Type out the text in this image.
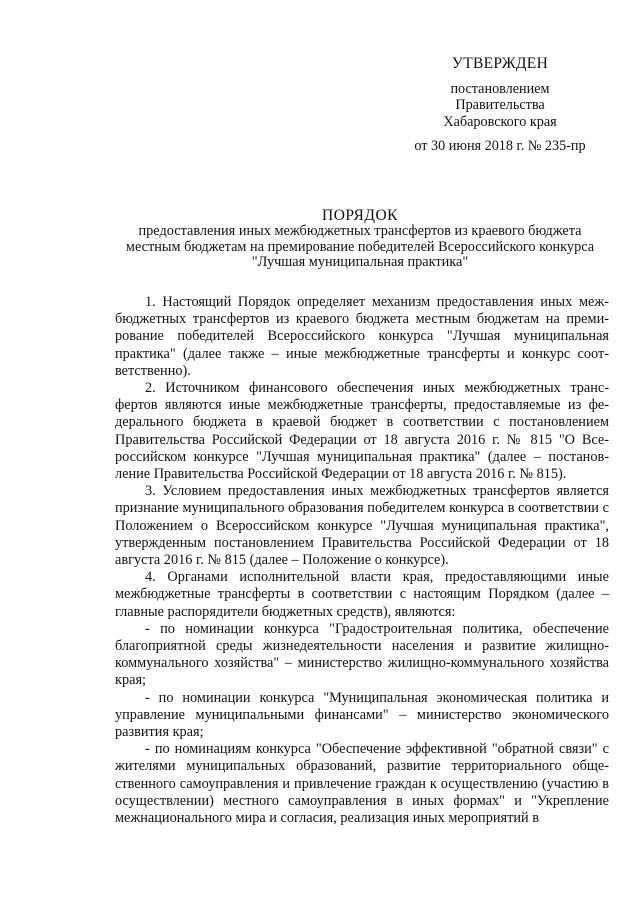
УТВЕРЖДЕН
постановлением
Правительства
Хабаровского края
от 30 июня 2018 г. № 235-пр
ПОРЯДОК
предоставления иных межбюджетных трансфертов из краевого бюджета
местным бюджетам на премирование победителей Всероссийского конкурса
"Лучшая муниципальная практика"

1. Настоящий Порядок определяет механизм предоставления иных межбюджетных трансфертов из краевого бюджета местным бюджетам на премирование победителей Всероссийского конкурса "Лучшая муниципальная практика" (далее также – иные межбюджетные трансферты и конкурс соответственно).

2. Источником финансового обеспечения иных межбюджетных трансфертов являются иные межбюджетные трансферты, предоставляемые из федерального бюджета в краевой бюджет в соответствии с постановлением Правительства Российской Федерации от 18 августа 2016 г. № 815 "О Всероссийском конкурсе "Лучшая муниципальная практика" (далее – постановление Правительства Российской Федерации от 18 августа 2016 г. № 815).

3. Условием предоставления иных межбюджетных трансфертов является признание муниципального образования победителем конкурса в соответствии с Положением о Всероссийском конкурсе "Лучшая муниципальная практика", утвержденным постановлением Правительства Российской Федерации от 18 августа 2016 г. № 815 (далее – Положение о конкурсе).

4. Органами исполнительной власти края, предоставляющими иные межбюджетные трансферты в соответствии с настоящим Порядком (далее – главные распорядители бюджетных средств), являются:

- по номинации конкурса "Градостроительная политика, обеспечение благоприятной среды жизнедеятельности населения и развитие жилищно-коммунального хозяйства" – министерство жилищно-коммунального хозяйства края;

- по номинации конкурса "Муниципальная экономическая политика и управление муниципальными финансами" – министерство экономического развития края;

- по номинациям конкурса "Обеспечение эффективной "обратной связи" с жителями муниципальных образований, развитие территориального общественного самоуправления и привлечение граждан к осуществлению (участию в осуществлении) местного самоуправления в иных формах" и "Укрепление межнационального мира и согласия, реализация иных мероприятий в
